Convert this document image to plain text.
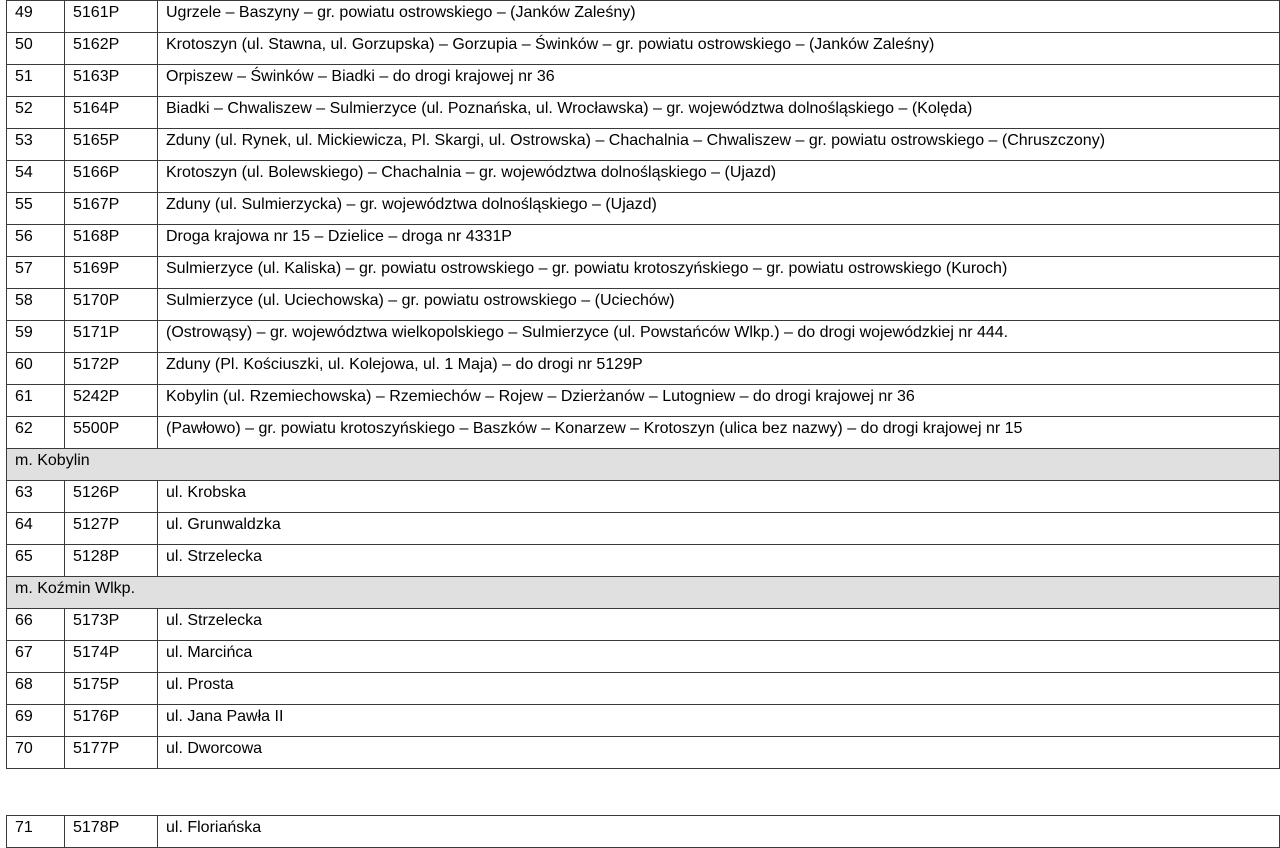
49	5161P	Ugrzele – Baszyny – gr. powiatu ostrowskiego – (Janków Zaleśny)
50	5162P	Krotoszyn (ul. Stawna, ul. Gorzupska) – Gorzupia – Świnków – gr. powiatu ostrowskiego – (Janków Zaleśny)
51	5163P	Orpiszew – Świnków – Biadki – do drogi krajowej nr 36
52	5164P	Biadki – Chwaliszew – Sulmierzyce (ul. Poznańska, ul. Wrocławska) – gr. województwa dolnośląskiego – (Kolęda)
53	5165P	Zduny (ul. Rynek, ul. Mickiewicza, Pl. Skargi, ul. Ostrowska) – Chachalnia – Chwaliszew – gr. powiatu ostrowskiego – (Chruszczony)
54	5166P	Krotoszyn (ul. Bolewskiego) – Chachalnia – gr. województwa dolnośląskiego – (Ujazd)
55	5167P	Zduny (ul. Sulmierzycka) – gr. województwa dolnośląskiego – (Ujazd)
56	5168P	Droga krajowa nr 15 – Dzielice – droga nr 4331P
57	5169P	Sulmierzyce (ul. Kaliska) – gr. powiatu ostrowskiego – gr. powiatu krotoszyńskiego – gr. powiatu ostrowskiego (Kuroch)
58	5170P	Sulmierzyce (ul. Uciechowska) – gr. powiatu ostrowskiego – (Uciechów)
59	5171P	(Ostrowąsy) – gr. województwa wielkopolskiego – Sulmierzyce (ul. Powstańców Wlkp.) – do drogi wojewódzkiej nr 444.
60	5172P	Zduny (Pl. Kościuszki, ul. Kolejowa, ul. 1 Maja) – do drogi nr 5129P
61	5242P	Kobylin (ul. Rzemiechowska) – Rzemiechów – Rojew – Dzierżanów – Lutogniew – do drogi krajowej nr 36
62	5500P	(Pawłowo) – gr. powiatu krotoszyńskiego – Baszków – Konarzew – Krotoszyn (ulica bez nazwy) – do drogi krajowej nr 15
m. Kobylin		
63	5126P	ul. Krobska
64	5127P	ul. Grunwaldzka
65	5128P	ul. Strzelecka
m. Koźmin Wlkp.		
66	5173P	ul. Strzelecka
67	5174P	ul. Marcińca
68	5175P	ul. Prosta
69	5176P	ul. Jana Pawła II
70	5177P	ul. Dworcowa
71	5178P	ul. Floriańska
